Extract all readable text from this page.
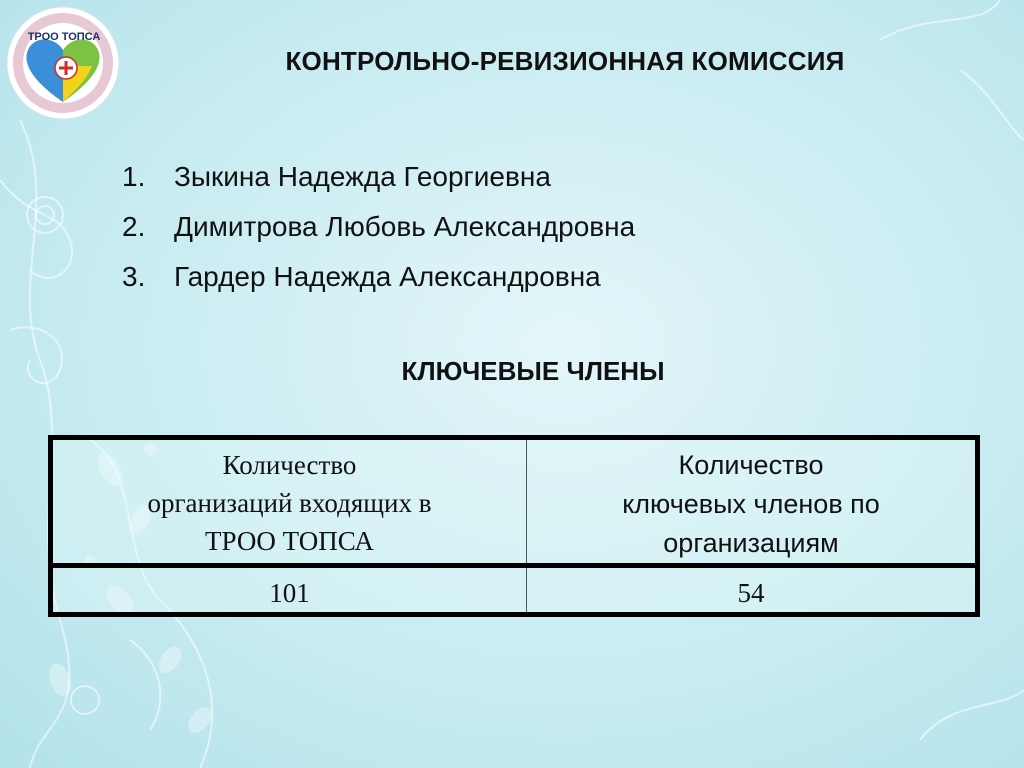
ТРОО ТОПСА
КОНТРОЛЬНО-РЕВИЗИОННАЯ КОМИССИЯ
1.	Зыкина Надежда Георгиевна
2.	Димитрова Любовь Александровна
3.	Гардер Надежда Александровна
КЛЮЧЕВЫЕ ЧЛЕНЫ
Количество
организаций входящих в
ТРОО ТОПСА	Количество
ключевых членов по
организациям

101	54
